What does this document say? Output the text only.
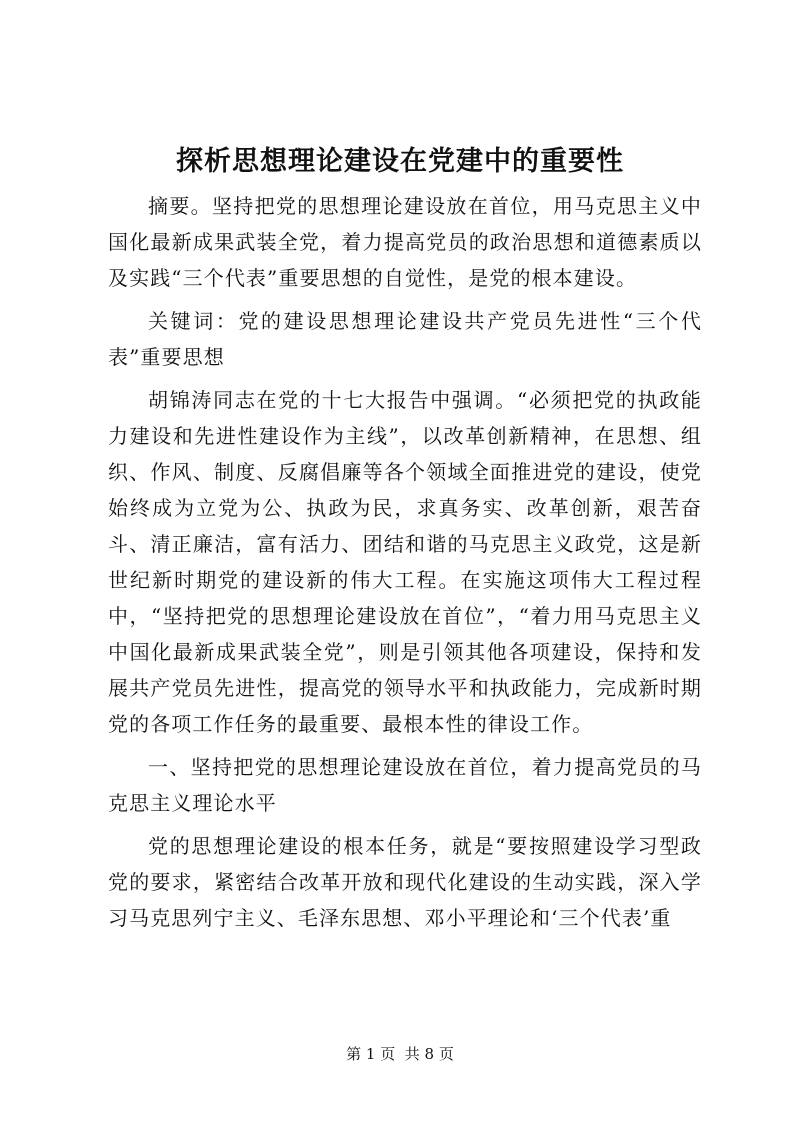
探析思想理论建设在党建中的重要性

摘要。坚持把党的思想理论建设放在首位，用马克思主义中国化最新成果武装全党，着力提高党员的政治思想和道德素质以及实践“三个代表”重要思想的自觉性，是党的根本建设。

关键词：党的建设思想理论建设共产党员先进性“三个代表”重要思想

胡锦涛同志在党的十七大报告中强调。“必须把党的执政能力建设和先进性建设作为主线”，以改革创新精神，在思想、组织、作风、制度、反腐倡廉等各个领域全面推进党的建设，使党始终成为立党为公、执政为民，求真务实、改革创新，艰苦奋斗、清正廉洁，富有活力、团结和谐的马克思主义政党，这是新世纪新时期党的建设新的伟大工程。在实施这项伟大工程过程中，“坚持把党的思想理论建设放在首位”，“着力用马克思主义中国化最新成果武装全党”，则是引领其他各项建设，保持和发展共产党员先进性，提高党的领导水平和执政能力，完成新时期党的各项工作任务的最重要、最根本性的律设工作。

一、坚持把党的思想理论建设放在首位，着力提高党员的马克思主义理论水平

党的思想理论建设的根本任务，就是“要按照建设学习型政党的要求，紧密结合改革开放和现代化建设的生动实践，深入学习马克思列宁主义、毛泽东思想、邓小平理论和‘三个代表’重

第 1 页  共 8 页
